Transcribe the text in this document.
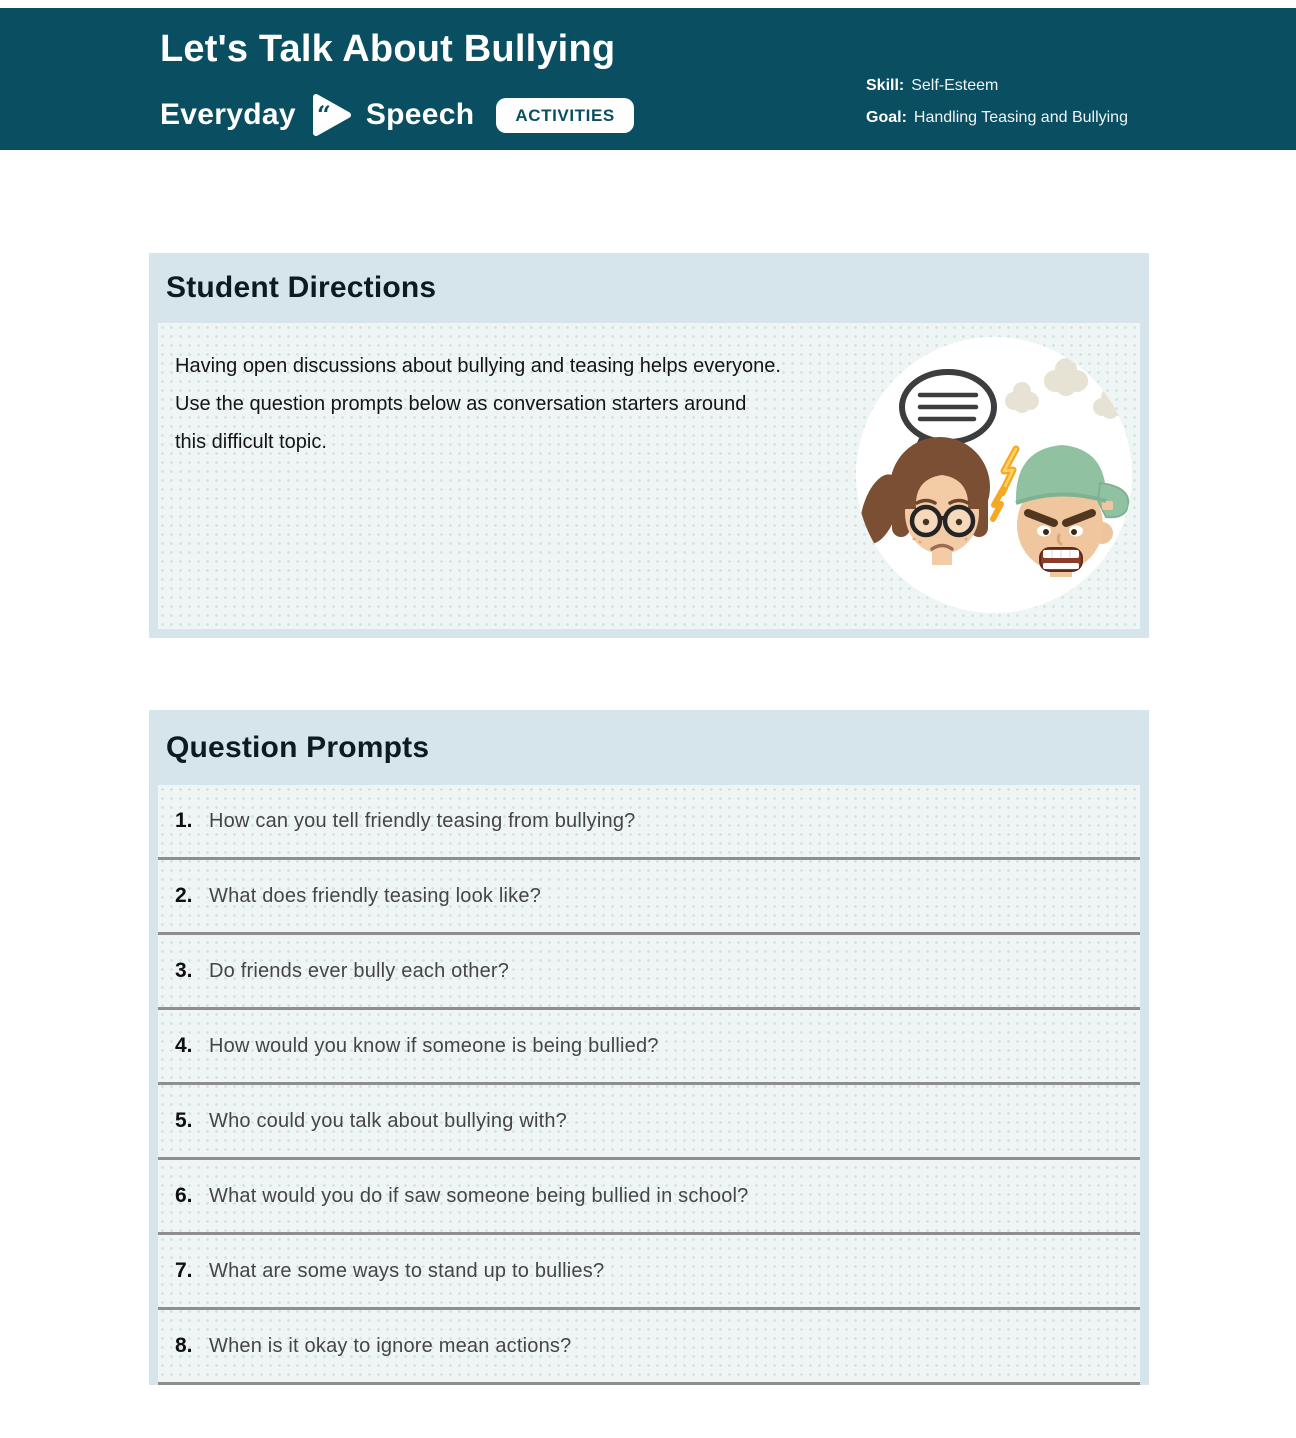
Let's Talk About Bullying
Everyday “ Speech	ACTIVITIES
Skill: Self-Esteem
Goal: Handling Teasing and Bullying
Student Directions
Having open discussions about bullying and teasing helps everyone.
Use the question prompts below as conversation starters around
this difficult topic.
Question Prompts
1. How can you tell friendly teasing from bullying?
2. What does friendly teasing look like?
3. Do friends ever bully each other?
4. How would you know if someone is being bullied?
5. Who could you talk about bullying with?
6. What would you do if saw someone being bullied in school?
7. What are some ways to stand up to bullies?
8. When is it okay to ignore mean actions?
